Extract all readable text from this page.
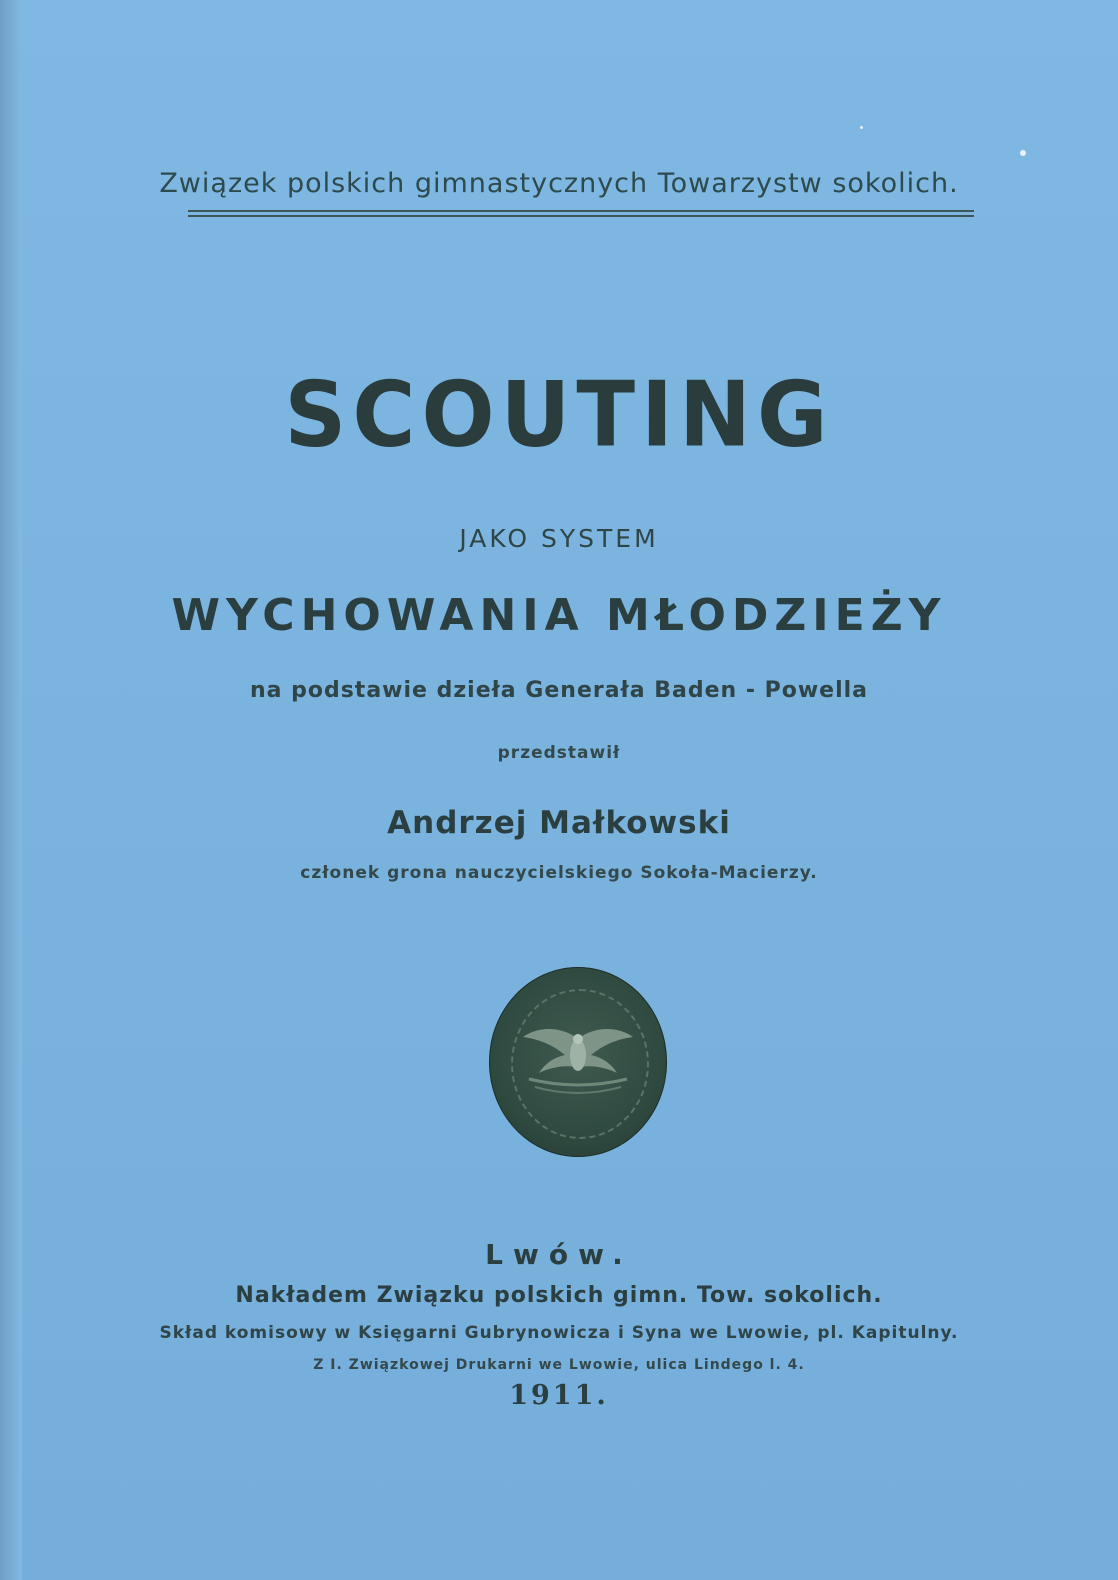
Związek polskich gimnastycznych Towarzystw sokolich.
SCOUTING
JAKO SYSTEM
WYCHOWANIA MŁODZIEŻY
na podstawie dzieła Generała Baden - Powella
przedstawił
Andrzej Małkowski
członek grona nauczycielskiego Sokoła-Macierzy.
Lwów.
Nakładem Związku polskich gimn. Tow. sokolich.
Skład komisowy w Księgarni Gubrynowicza i Syna we Lwowie, pl. Kapitulny.
Z I. Związkowej Drukarni we Lwowie, ulica Lindego l. 4.
1911.
